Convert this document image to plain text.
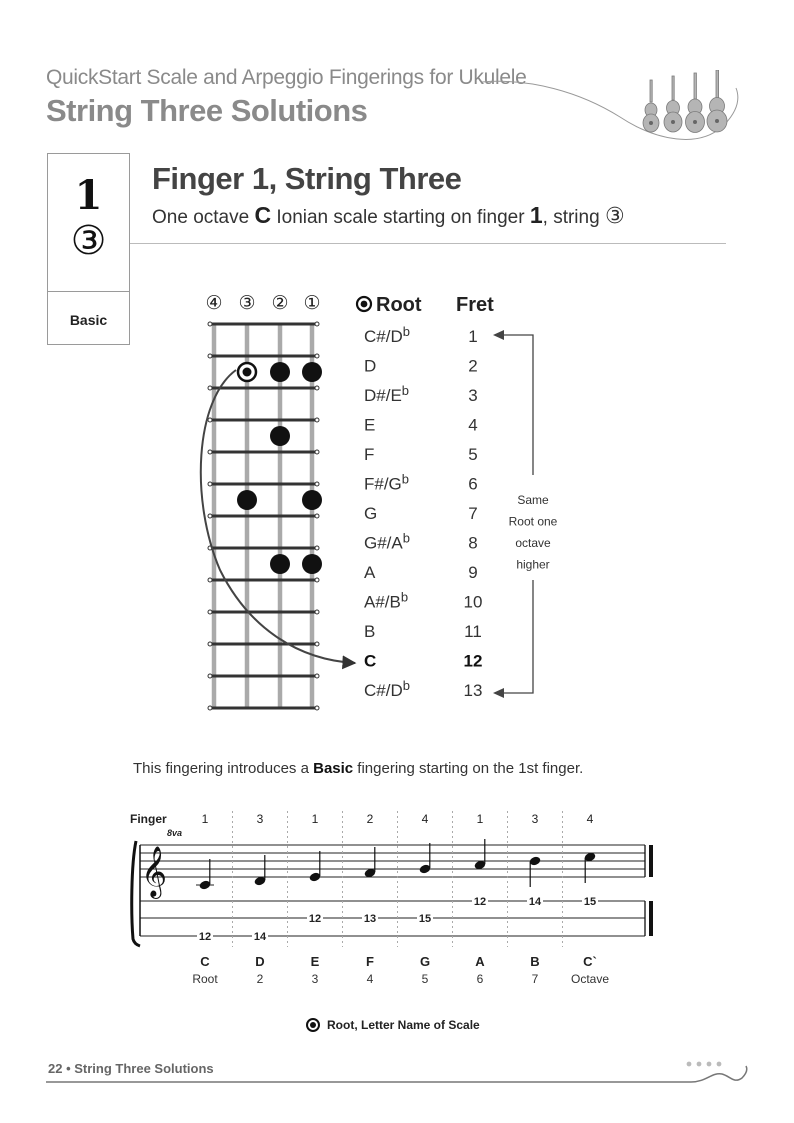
QuickStart Scale and Arpeggio Fingerings for Ukulele
String Three Solutions
1
③
Basic
Finger 1, String Three
One octave C Ionian scale starting on finger 1, string ③
④ ③ ② ①	Root Fret
$C\#/D^b$	1
D	2
$D\#/E^b$	3
E	4
F	5
$F\#/G^b$	6
G	7
$G\#/A^b$	8
A	9
$A\#/B^b$	10
B	11
C	12
$C\#/D^b$	13
Same
Root one
octave
higher
This fingering introduces a Basic fingering starting on the 1st finger.
Finger
8va
𝄞
1	3	1	2	4	1	3	4
12	14
12	13	15
12	14	15
C	D	E	F	G	A	B	C`
Root	2	3	4	5	6	7	Octave
Root, Letter Name of Scale
22 • String Three Solutions
